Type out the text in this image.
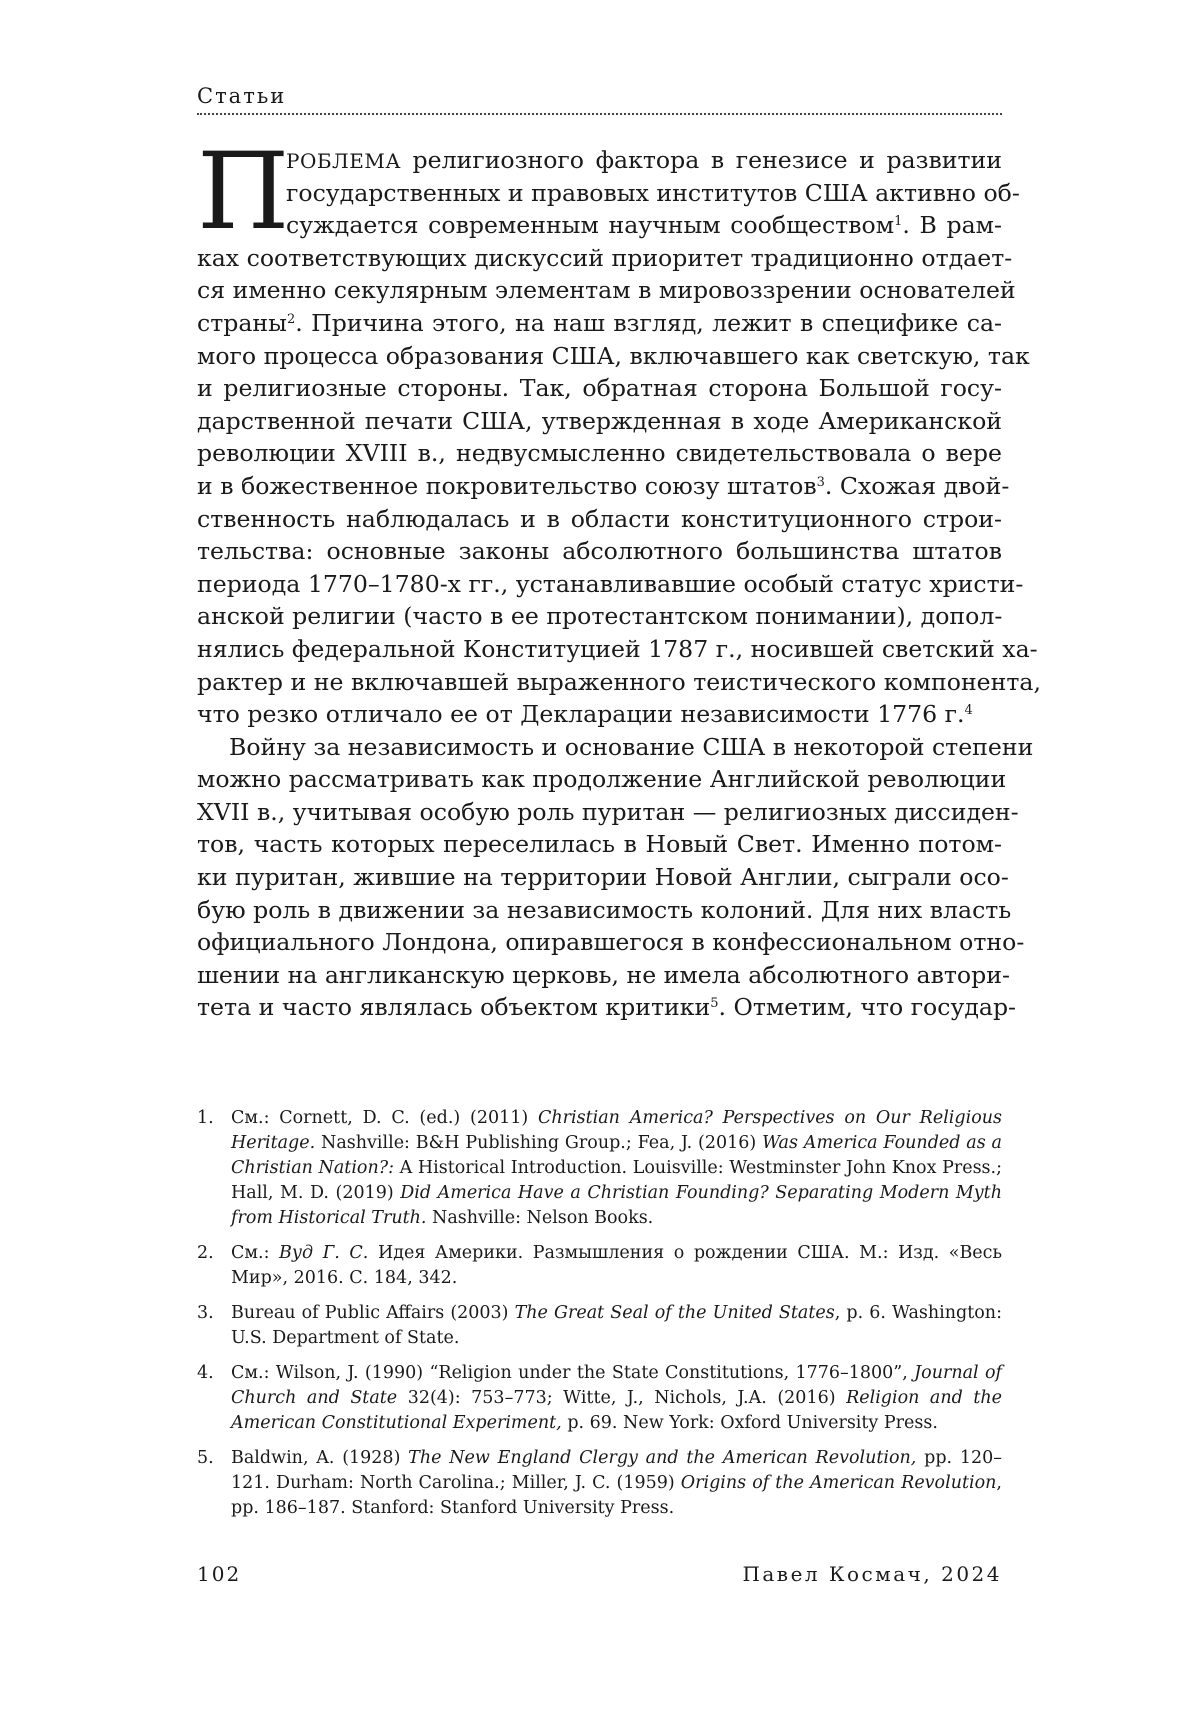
Статьи
П
РОБЛЕМА религиозного фактора в генезисе и развитии
государственных и правовых институтов США активно об-
суждается современным научным сообществом$^1$. В рам-
ках соответствующих дискуссий приоритет традиционно отдает-
ся именно секулярным элементам в мировоззрении основателей
страны$^2$. Причина этого, на наш взгляд, лежит в специфике са-
мого процесса образования США, включавшего как светскую, так
и религиозные стороны. Так, обратная сторона Большой госу-
дарственной печати США, утвержденная в ходе Американской
революции XVIII в., недвусмысленно свидетельствовала о вере
и в божественное покровительство союзу штатов$^3$. Схожая двой-
ственность наблюдалась и в области конституционного строи-
тельства: основные законы абсолютного большинства штатов
периода 1770–1780-х гг., устанавливавшие особый статус христи-
анской религии (часто в ее протестантском понимании), допол-
нялись федеральной Конституцией 1787 г., носившей светский ха-
рактер и не включавшей выраженного теистического компонента,
что резко отличало ее от Декларации независимости 1776 г.$^4$
Войну за независимость и основание США в некоторой степени
можно рассматривать как продолжение Английской революции
XVII в., учитывая особую роль пуритан — религиозных диссиден-
тов, часть которых переселилась в Новый Свет. Именно потом-
ки пуритан, жившие на территории Новой Англии, сыграли осо-
бую роль в движении за независимость колоний. Для них власть
официального Лондона, опиравшегося в конфессиональном отно-
шении на англиканскую церковь, не имела абсолютного автори-
тета и часто являлась объектом критики$^5$. Отметим, что государ-
1. См.: Cornett, D. C. (ed.) (2011) Christian America? Perspectives on Our Religious Heritage. Nashville: B&H Publishing Group.; Fea, J. (2016) Was America Founded as a Christian Nation?: A Historical Introduction. Louisville: Westminster John Knox Press.; Hall, M. D. (2019) Did America Have a Christian Founding? Separating Modern Myth from Historical Truth. Nashville: Nelson Books.
2. См.: Вуд Г. С. Идея Америки. Размышления о рождении США. М.: Изд. «Весь Мир», 2016. С. 184, 342.
3. Bureau of Public Affairs (2003) The Great Seal of the United States, p. 6. Washington: U.S. Department of State.
4. См.: Wilson, J. (1990) “Religion under the State Constitutions, 1776–1800”, Journal of Church and State 32(4): 753–773; Witte, J., Nichols, J.A. (2016) Religion and the American Constitutional Experiment, p. 69. New York: Oxford University Press.
5. Baldwin, A. (1928) The New England Clergy and the American Revolution, pp. 120–121. Durham: North Carolina.; Miller, J. C. (1959) Origins of the American Revolution, pp. 186–187. Stanford: Stanford University Press.
102	Павел Космач, 2024
